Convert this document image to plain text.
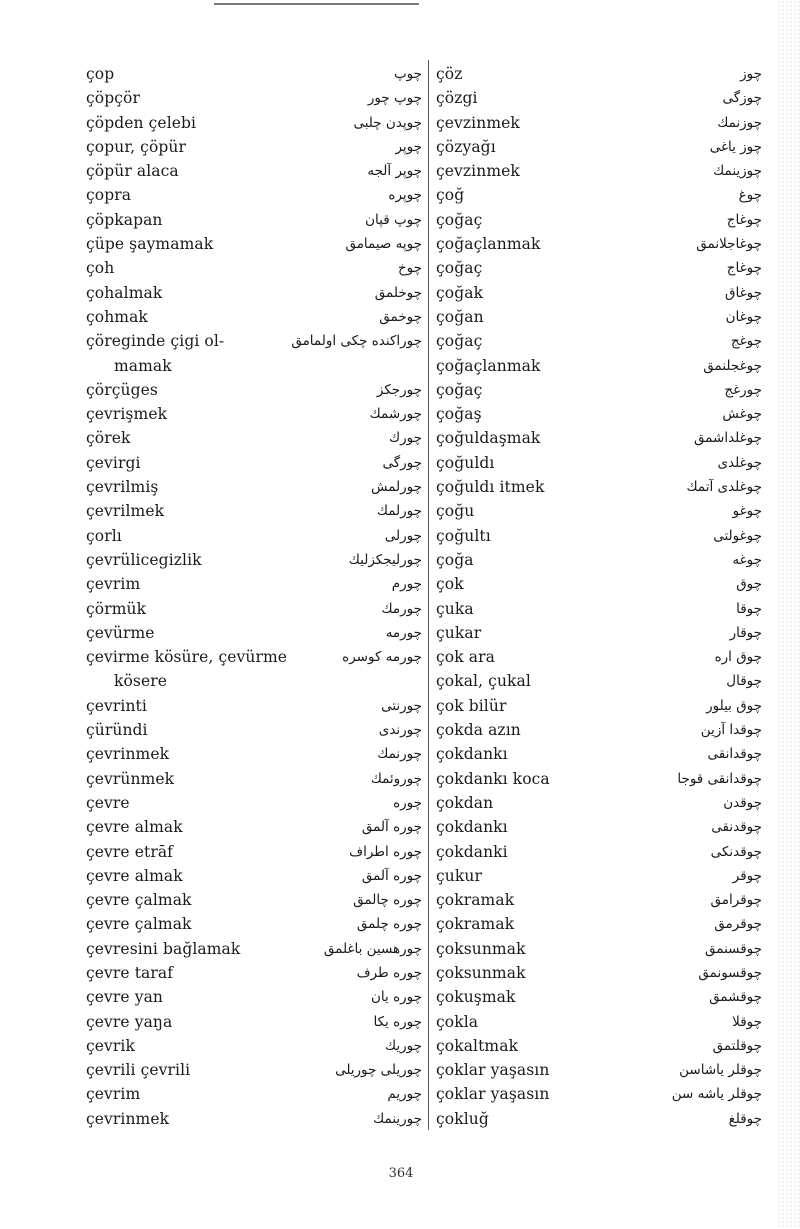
çop	چوپ
çöpçör	چوپ چور
çöpden çelebi	چوپدن چلبی
çopur, çöpür	چوپر
çöpür alaca	چوپر آلجه
çopra	چوپره
çöpkapan	چوپ قپان
çüpe şaymamak	چوپه صیمامق
çoh	چوخ
çohalmak	چوخلمق
çohmak	چوخمق
çöreginde çigi ol-	چوراکنده چکی اولمامق
mamak
çörçüges	چورجکز
çevrişmek	چورشمك
çörek	چورك
çevirgi	چورگی
çevrilmiş	چورلمش
çevrilmek	چورلمك
çorlı	چورلی
çevrülicegizlik	چورلیجکزلیك
çevrim	چورم
çörmük	چورمك
çevürme	چورمه
çevirme kösüre, çevürme	چورمه کوسره
kösere
çevrinti	چورنتی
çüründi	چورندی
çevrinmek	چورنمك
çevrünmek	چوروئمك
çevre	چوره
çevre almak	چوره آلمق
çevre etrāf	چوره اطراف
çevre almak	چوره آلمق
çevre çalmak	چوره چالمق
çevre çalmak	چوره چلمق
çevresini bağlamak	چورهسین باغلمق
çevre taraf	چوره طرف
çevre yan	چوره یان
çevre yaŋa	چوره یکا
çevrik	چوریك
çevrili çevrili	چوریلی چوریلی
çevrim	چوریم
çevrinmek	چورینمك
çöz	چوز
çözgi	چوزگی
çevzinmek	چوزنمك
çözyağı	چوز یاغی
çevzinmek	چوزینمك
çoğ	چوغ
çoğaç	چوغاج
çoğaçlanmak	چوغاجلانمق
çoğaç	چوغاج
çoğak	چوغاق
çoğan	چوغان
çoğaç	چوغج
çoğaçlanmak	چوغجلنمق
çoğaç	چورغج
çoğaş	چوغش
çoğuldaşmak	چوغلداشمق
çoğuldı	چوغلدی
çoğuldı itmek	چوغلدی آتمك
çoğu	چوغو
çoğultı	چوغولتی
çoğa	چوغه
çok	چوق
çuka	چوقا
çukar	چوقار
çok ara	چوق اره
çokal, çukal	چوقال
çok bilür	چوق بیلور
çokda azın	چوقدا آزین
çokdankı	چوقدانقی
çokdankı koca	چوقدانقی قوجا
çokdan	چوقدن
çokdankı	چوقدنقی
çokdanki	چوقدنکی
çukur	چوقر
çokramak	چوقرامق
çokramak	چوقرمق
çoksunmak	چوقسنمق
çoksunmak	چوقسونمق
çokuşmak	چوقشمق
çokla	چوقلا
çokaltmak	چوقلتمق
çoklar yaşasın	چوقلر یاشاسن
çoklar yaşasın	چوقلر یاشه سن
çokluğ	چوقلغ
364
